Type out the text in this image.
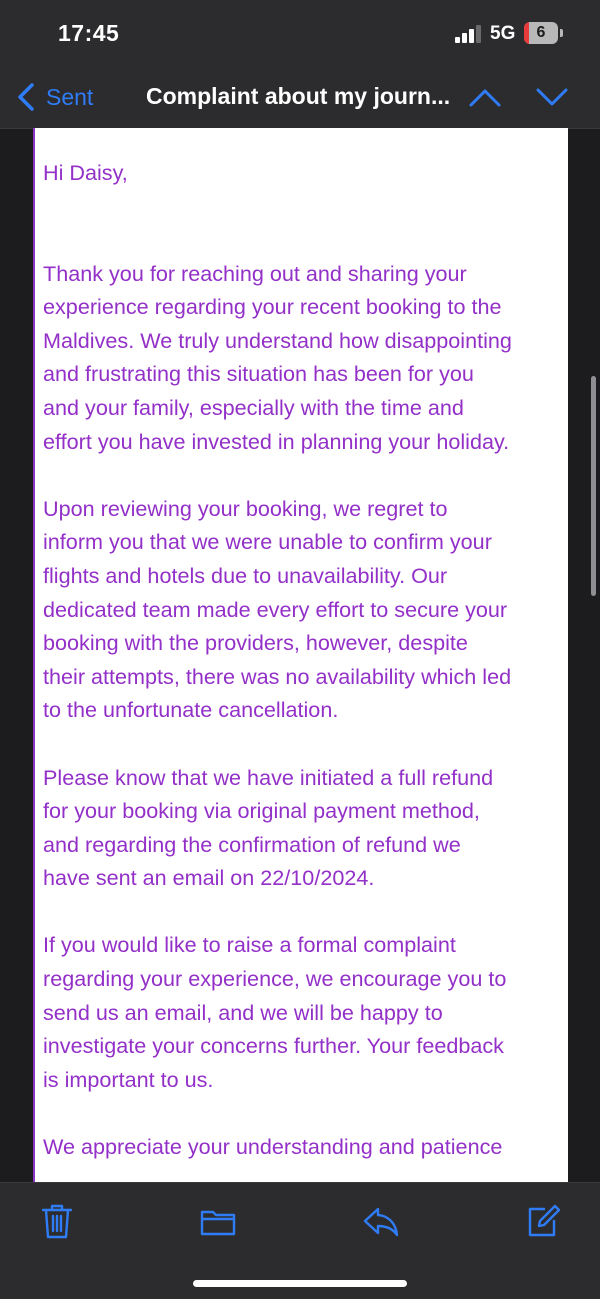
17:45	5G	6
Sent Complaint about my journ...

Hi Daisy,

Thank you for reaching out and sharing your
experience regarding your recent booking to the
Maldives. We truly understand how disappointing
and frustrating this situation has been for you
and your family, especially with the time and
effort you have invested in planning your holiday.

Upon reviewing your booking, we regret to
inform you that we were unable to confirm your
flights and hotels due to unavailability. Our
dedicated team made every effort to secure your
booking with the providers, however, despite
their attempts, there was no availability which led
to the unfortunate cancellation.

Please know that we have initiated a full refund
for your booking via original payment method,
and regarding the confirmation of refund we
have sent an email on 22/10/2024.

If you would like to raise a formal complaint
regarding your experience, we encourage you to
send us an email, and we will be happy to
investigate your concerns further. Your feedback
is important to us.

We appreciate your understanding and patience
